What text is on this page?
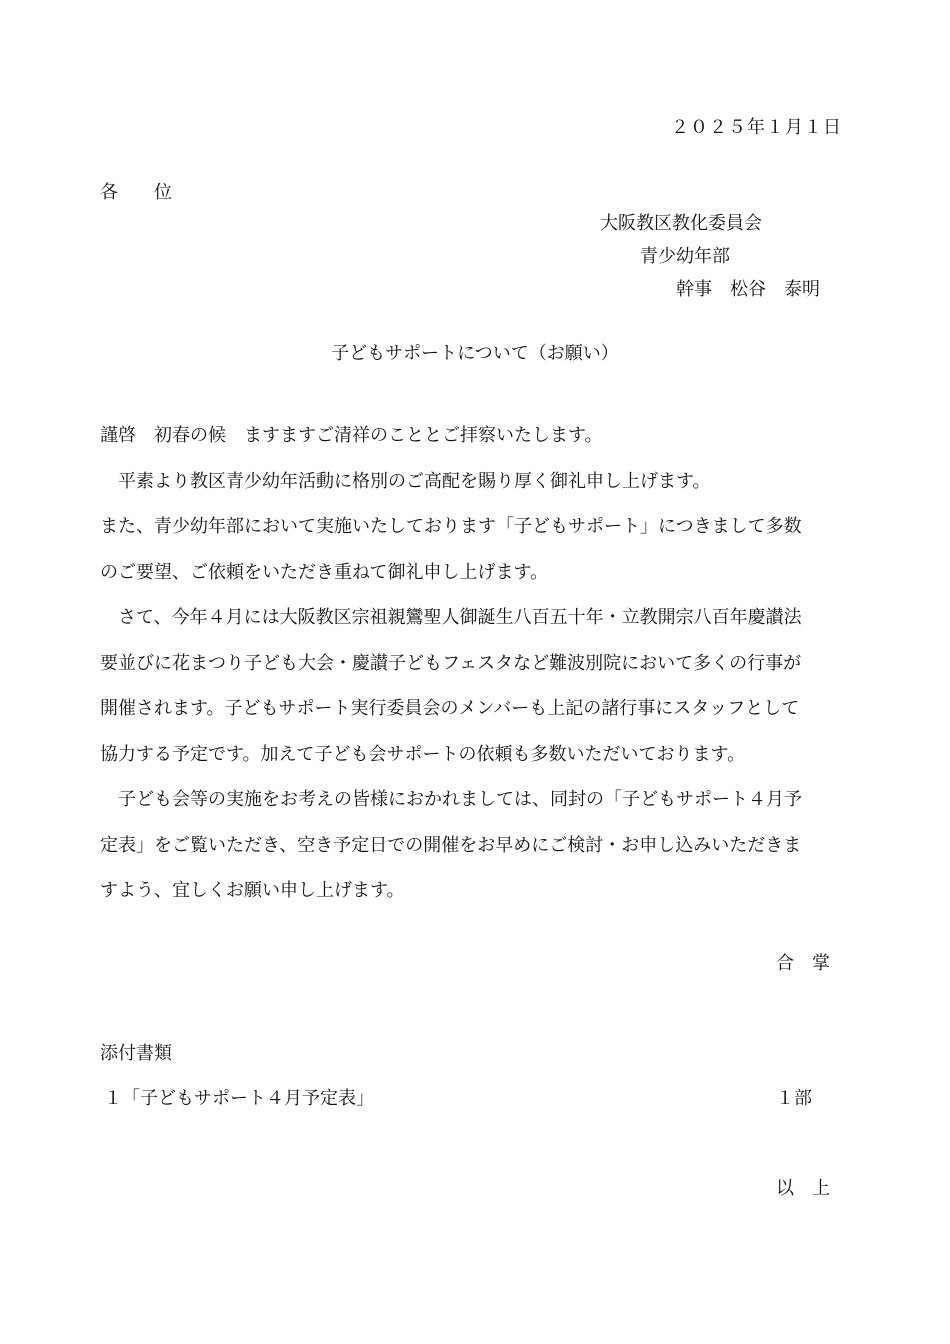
２０２５年１月１日
各　　位
大阪教区教化委員会
青少幼年部
幹事　松谷　泰明
子どもサポートについて（お願い）

謹啓　初春の候　ますますご清祥のこととご拝察いたします。

　平素より教区青少幼年活動に格別のご高配を賜り厚く御礼申し上げます。

また、青少幼年部において実施いたしております「子どもサポート」につきまして多数

のご要望、ご依頼をいただき重ねて御礼申し上げます。

　さて、今年４月には大阪教区宗祖親鸞聖人御誕生八百五十年・立教開宗八百年慶讃法

要並びに花まつり子ども大会・慶讃子どもフェスタなど難波別院において多くの行事が

開催されます。子どもサポート実行委員会のメンバーも上記の諸行事にスタッフとして

協力する予定です。加えて子ども会サポートの依頼も多数いただいております。

　子ども会等の実施をお考えの皆様におかれましては、同封の「子どもサポート４月予

定表」をご覧いただき、空き予定日での開催をお早めにご検討・お申し込みいただきま

すよう、宜しくお願い申し上げます。

合　掌
添付書類
１「子どもサポート４月予定表」	１部
以　上
